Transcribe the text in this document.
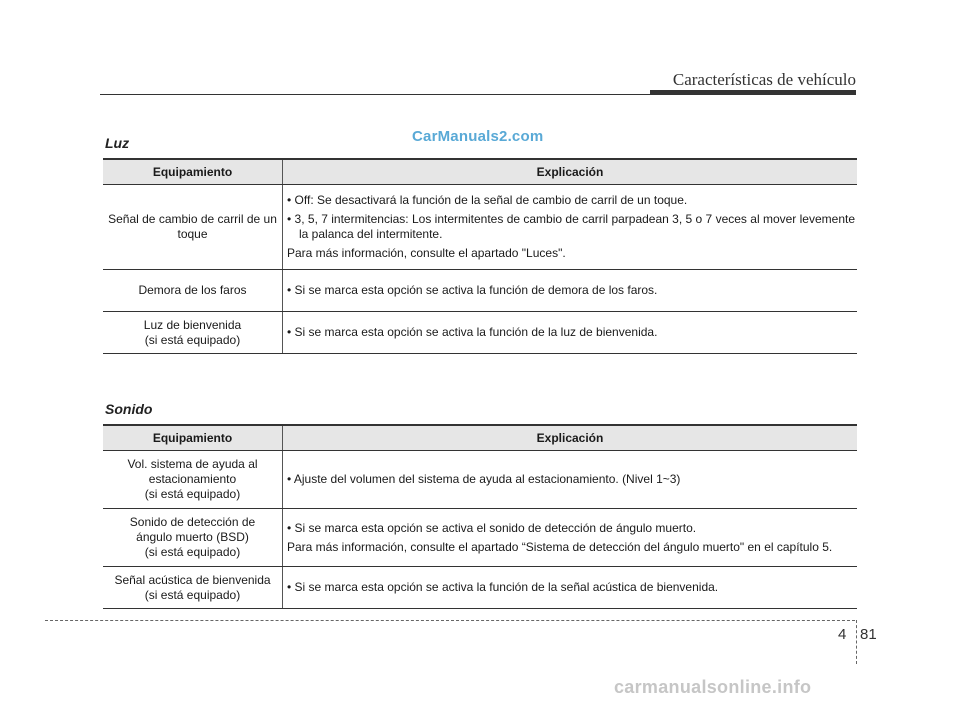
Características de vehículo
Luz	CarManuals2.com
Equipamiento	Explicación
Señal de cambio de carril de un toque	• Off: Se desactivará la función de la señal de cambio de carril de un toque.
• 3, 5, 7 intermitencias: Los intermitentes de cambio de carril parpadean 3, 5 o 7 veces al mover levemente la palanca del intermitente.
Para más información, consulte el apartado "Luces".

Demora de los faros	• Si se marca esta opción se activa la función de demora de los faros.

Luz de bienvenida
(si está equipado)	• Si se marca esta opción se activa la función de la luz de bienvenida.
Sonido
Equipamiento	Explicación

Vol. sistema de ayuda al
estacionamiento
(si está equipado)	• Ajuste del volumen del sistema de ayuda al estacionamiento. (Nivel 1~3)

Sonido de detección de
ángulo muerto (BSD)
(si está equipado)	• Si se marca esta opción se activa el sonido de detección de ángulo muerto.
Para más información, consulte el apartado “Sistema de detección del ángulo muerto" en el capítulo 5.

Señal acústica de bienvenida
(si está equipado)	• Si se marca esta opción se activa la función de la señal acústica de bienvenida.
4 81
carmanualsonline.info
